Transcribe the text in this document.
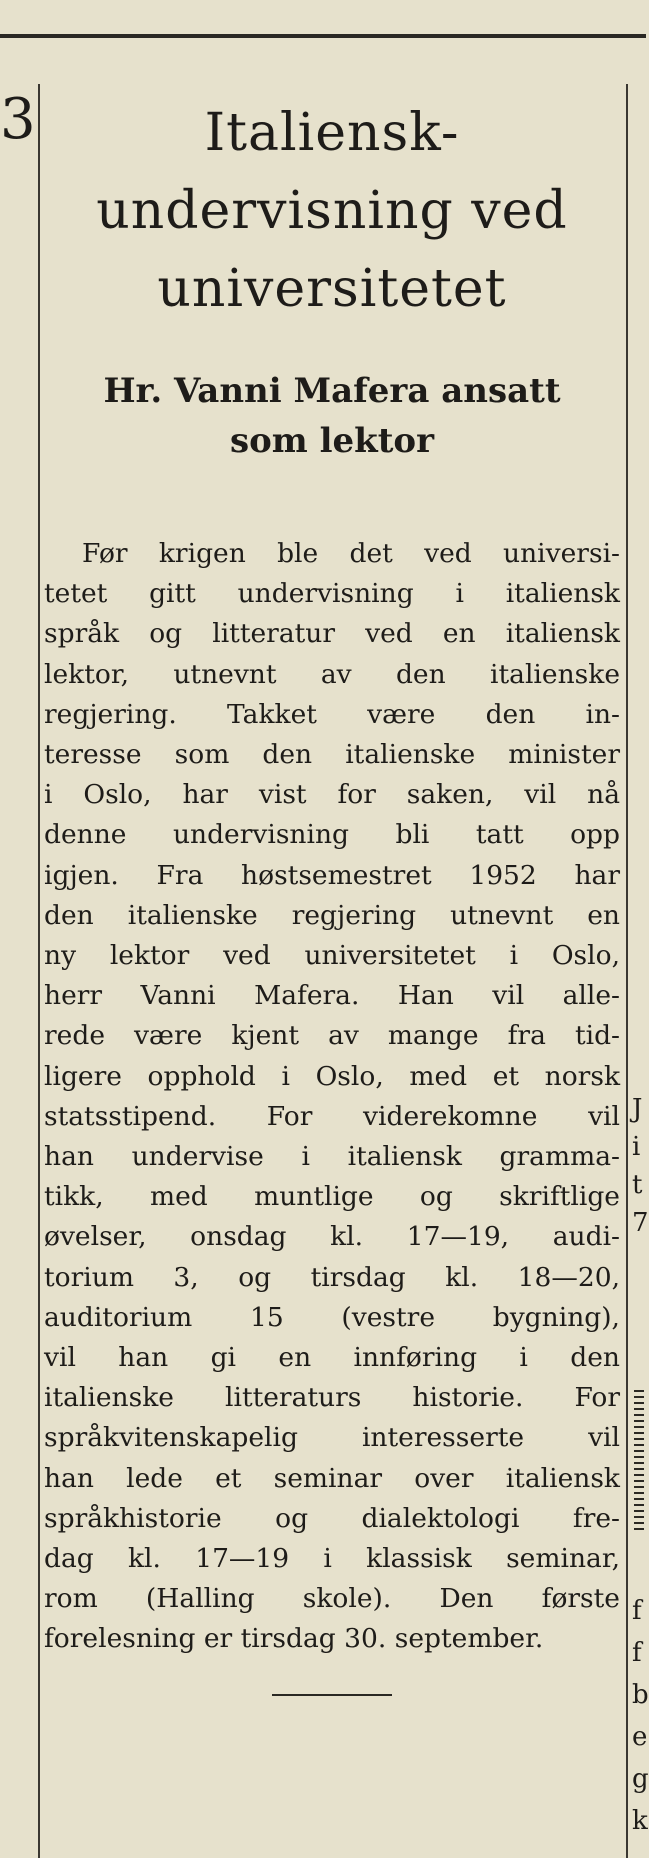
3	Italiensk-
undervisning ved
universitetet
Hr. Vanni Mafera ansatt
som lektor
Før krigen ble det ved universi-
tetet gitt undervisning i italiensk
språk og litteratur ved en italiensk
lektor, utnevnt av den italienske
regjering. Takket være den in-
teresse som den italienske minister
i Oslo, har vist for saken, vil nå
denne undervisning bli tatt opp
igjen. Fra høstsemestret 1952 har
den italienske regjering utnevnt en
ny lektor ved universitetet i Oslo,
herr Vanni Mafera. Han vil alle-
rede være kjent av mange fra tid-
ligere opphold i Oslo, med et norsk
statsstipend. For viderekomne vil
han undervise i italiensk gramma-
tikk, med muntlige og skriftlige
øvelser, onsdag kl. 17—19, audi-
torium 3, og tirsdag kl. 18—20,
auditorium 15 (vestre bygning),
vil han gi en innføring i den
italienske litteraturs historie. For
språkvitenskapelig interesserte vil
han lede et seminar over italiensk
språkhistorie og dialektologi fre-
dag kl. 17—19 i klassisk seminar,
rom (Halling skole). Den første
forelesning er tirsdag 30. september.
J
i
t
7
f
f
b
e
g
k
